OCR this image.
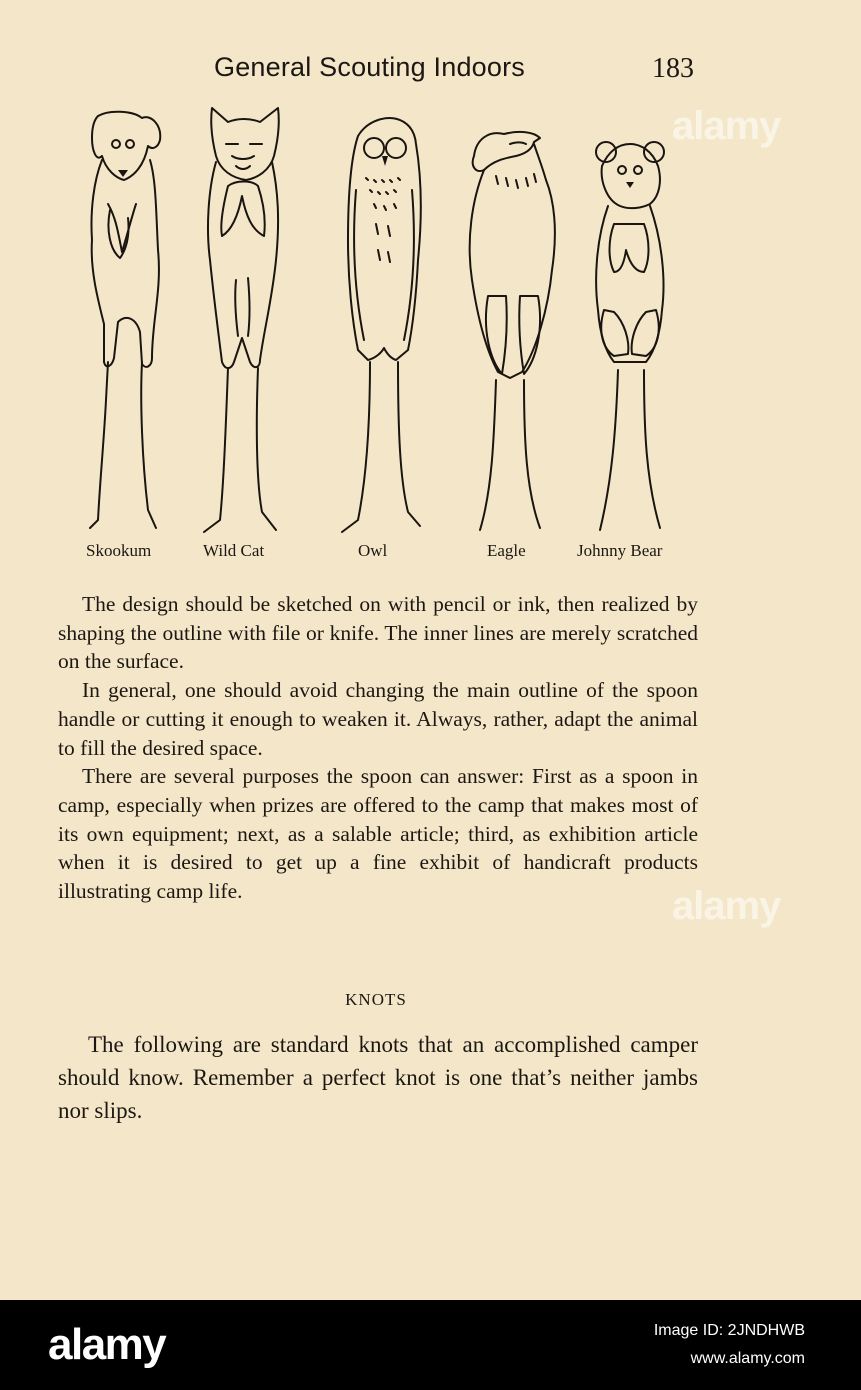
General Scouting Indoors	183
Skookum	Wild Cat	Owl	Eagle	Johnny Bear

The design should be sketched on with pencil or ink, then realized by shaping the outline with file or knife. The inner lines are merely scratched on the surface.

In general, one should avoid changing the main outline of the spoon handle or cutting it enough to weaken it. Always, rather, adapt the animal to fill the desired space.

There are several purposes the spoon can answer: First as a spoon in camp, especially when prizes are offered to the camp that makes most of its own equipment; next, as a salable article; third, as exhibition article when it is desired to get up a fine exhibit of handicraft products illustrating camp life.

KNOTS

The following are standard knots that an accomplished camper should know. Remember a perfect knot is one that’s neither jambs nor slips.

alamy
alamy
alamy	Image ID: 2JNDHWB
www.alamy.com
